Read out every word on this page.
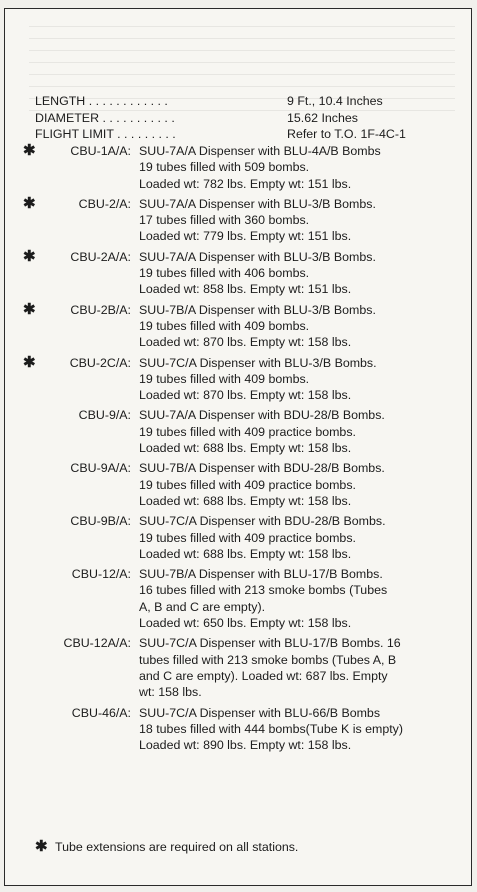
LENGTH . . . . . . . . . . . .	9 Ft., 10.4 Inches
DIAMETER . . . . . . . . . . .	15.62 Inches
FLIGHT LIMIT . . . . . . . . .	Refer to T.O. 1F-4C-1
✱	CBU-1A/A: SUU-7A/A Dispenser with BLU-4A/B Bombs
19 tubes filled with 509 bombs.
Loaded wt: 782 lbs. Empty wt: 151 lbs.
✱	CBU-2/A: SUU-7A/A Dispenser with BLU-3/B Bombs.
17 tubes filled with 360 bombs.
Loaded wt: 779 lbs. Empty wt: 151 lbs.
✱	CBU-2A/A: SUU-7A/A Dispenser with BLU-3/B Bombs.
19 tubes filled with 406 bombs.
Loaded wt: 858 lbs. Empty wt: 151 lbs.
✱	CBU-2B/A: SUU-7B/A Dispenser with BLU-3/B Bombs.
19 tubes filled with 409 bombs.
Loaded wt: 870 lbs. Empty wt: 158 lbs.
✱	CBU-2C/A: SUU-7C/A Dispenser with BLU-3/B Bombs.
19 tubes filled with 409 bombs.
Loaded wt: 870 lbs. Empty wt: 158 lbs.
CBU-9/A: SUU-7A/A Dispenser with BDU-28/B Bombs.
19 tubes filled with 409 practice bombs.
Loaded wt: 688 lbs. Empty wt: 158 lbs.
CBU-9A/A: SUU-7B/A Dispenser with BDU-28/B Bombs.
19 tubes filled with 409 practice bombs.
Loaded wt: 688 lbs. Empty wt: 158 lbs.
CBU-9B/A: SUU-7C/A Dispenser with BDU-28/B Bombs.
19 tubes filled with 409 practice bombs.
Loaded wt: 688 lbs. Empty wt: 158 lbs.
CBU-12/A: SUU-7B/A Dispenser with BLU-17/B Bombs.
16 tubes filled with 213 smoke bombs (Tubes
A, B and C are empty).
Loaded wt: 650 lbs. Empty wt: 158 lbs.
CBU-12A/A: SUU-7C/A Dispenser with BLU-17/B Bombs. 16
tubes filled with 213 smoke bombs (Tubes A, B
and C are empty). Loaded wt: 687 lbs. Empty
wt: 158 lbs.
CBU-46/A: SUU-7C/A Dispenser with BLU-66/B Bombs
18 tubes filled with 444 bombs(Tube K is empty)
Loaded wt: 890 lbs. Empty wt: 158 lbs.
✱ Tube extensions are required on all stations.
